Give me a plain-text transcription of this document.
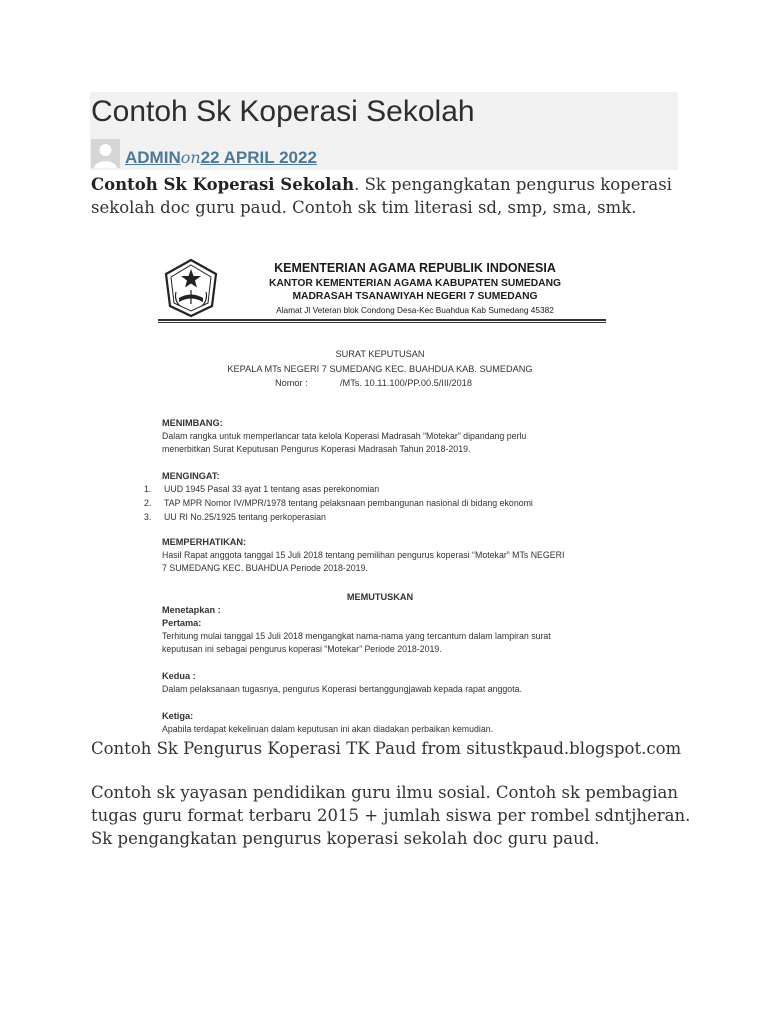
Contoh Sk Koperasi Sekolah
ADMINon22 APRIL 2022

Contoh Sk Koperasi Sekolah. Sk pengangkatan pengurus koperasi sekolah doc guru paud. Contoh sk tim literasi sd, smp, sma, smk.

KEMENTERIAN AGAMA REPUBLIK INDONESIA
KANTOR KEMENTERIAN AGAMA KABUPATEN SUMEDANG
MADRASAH TSANAWIYAH NEGERI 7 SUMEDANG
Alamat Jl Veteran blok Condong Desa-Kec Buahdua Kab Sumedang 45382
SURAT KEPUTUSAN
KEPALA MTs NEGERI 7 SUMEDANG KEC. BUAHDUA KAB. SUMEDANG
Nomor :	/MTs. 10.11.100/PP.00.5/III/2018
MENIMBANG:
Dalam rangka untuk memperlancar tata kelola Koperasi Madrasah “Motekar” dipandang perlu
menerbitkan Surat Keputusan Pengurus Koperasi Madrasah Tahun 2018-2019.
MENGINGAT:
1. UUD 1945 Pasal 33 ayat 1 tentang asas perekonomian
2. TAP MPR Nomor IV/MPR/1978 tentang pelaksnaan pembangunan nasional di bidang ekonomi
3. UU RI No.25/1925 tentang perkoperasian
MEMPERHATIKAN:
Hasil Rapat anggota tanggal 15 Juli 2018 tentang pemilihan pengurus koperasi “Motekar” MTs NEGERI
7 SUMEDANG KEC. BUAHDUA Periode 2018-2019.
MEMUTUSKAN
Menetapkan :
Pertama:
Terhitung mulai tanggal 15 Juli 2018 mengangkat nama-nama yang tercantum dalam lampiran surat
keputusan ini sebagai pengurus koperasi “Motekar” Periode 2018-2019.
Kedua :
Dalam pelaksanaan tugasnya, pengurus Koperasi bertanggungjawab kepada rapat anggota.
Ketiga:
Apabila terdapat kekeliruan dalam keputusan ini akan diadakan perbaikan kemudian.

Contoh Sk Pengurus Koperasi TK Paud from situstkpaud.blogspot.com

Contoh sk yayasan pendidikan guru ilmu sosial. Contoh sk pembagian tugas guru format terbaru 2015 + jumlah siswa per rombel sdntjheran. Sk pengangkatan pengurus koperasi sekolah doc guru paud.
